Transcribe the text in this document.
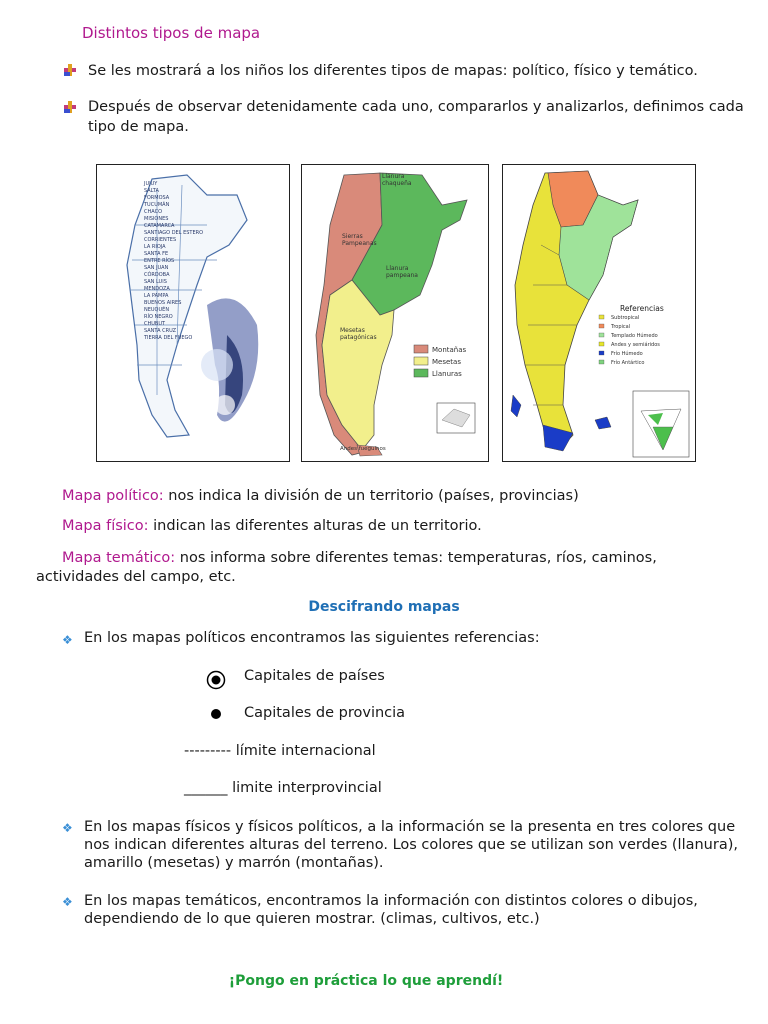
Distintos tipos de mapa
Se les mostrará a los niños los diferentes tipos de mapas: político, físico y temático.
Después de observar detenidamente cada uno, compararlos y analizarlos, definimos cada
tipo de mapa.
JUJUY
SALTA
FORMOSA
TUCUMÁN
CHACO
MISIONES
CATAMARCA
SANTIAGO DEL ESTERO
CORRIENTES
LA RIOJA
SANTA FE
ENTRE RÍOS
SAN JUAN
CÓRDOBA
SAN LUIS
MENDOZA
LA PAMPA
BUENOS AIRES
NEUQUÉN
RÍO NEGRO
CHUBUT
SANTA CRUZ
TIERRA DEL FUEGO
Llanura chaqueña
Sierras Pampeanas
Llanura pampeana
Mesetas patagónicas
Andes fueguinos
Montañas
Mesetas
Llanuras
Referencias
Subtropical
Tropical
Templado Húmedo
Andes y semiáridos
Frío Húmedo
Frío Antártico
Mapa político: nos indica la división de un territorio (países, provincias)
Mapa físico: indican las diferentes alturas de un territorio.
Mapa temático: nos informa sobre diferentes temas: temperaturas, ríos, caminos,
actividades del campo, etc.
Descifrando mapas
❖ En los mapas políticos encontramos las siguientes referencias:
Capitales de países
Capitales de provincia
--------- límite internacional
______ limite interprovincial
❖ En los mapas físicos y físicos políticos, a la información se la presenta en tres colores que
nos indican diferentes alturas del terreno. Los colores que se utilizan son verdes (llanura),
amarillo (mesetas) y marrón (montañas).
❖ En los mapas temáticos, encontramos la información con distintos colores o dibujos,
dependiendo de lo que quieren mostrar. (climas, cultivos, etc.)
¡Pongo en práctica lo que aprendí!
